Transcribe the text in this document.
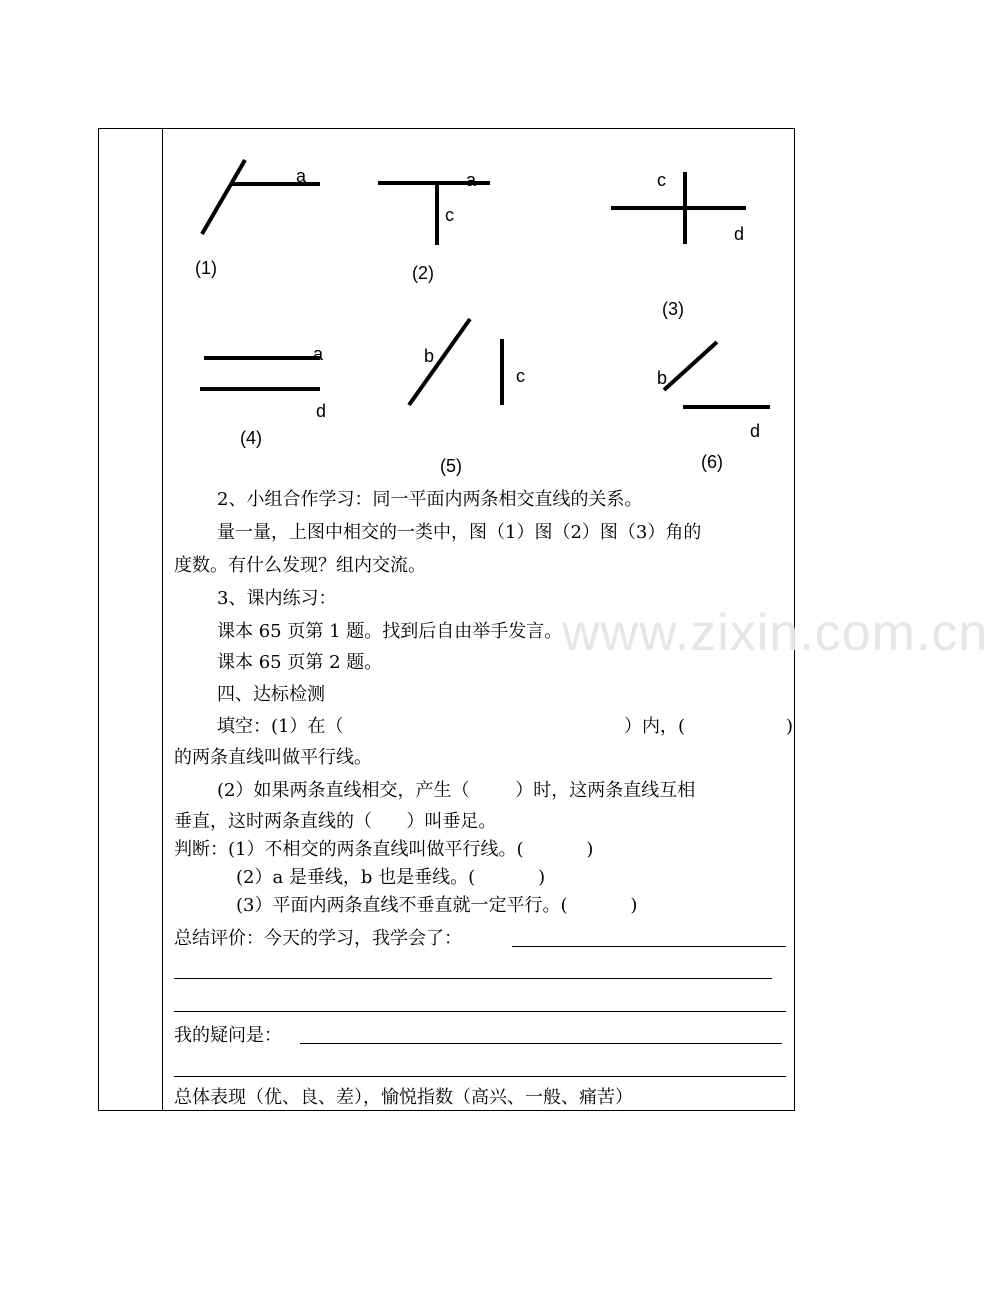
www.zixin.com.cn
a
(1)
a
c
(2)
c
d
(3)
a
d
(4)
b
c
(5)
b
d
(6)
2、小组合作学习：同一平面内两条相交直线的关系。
量一量，上图中相交的一类中，图（1）图（2）图（3）角的
度数。有什么发现？组内交流。
3、课内练习：
课本 65 页第 1 题。找到后自由举手发言。
课本 65 页第 2 题。
四、达标检测
填空：(1）在（	）内，(	)
的两条直线叫做平行线。
(2）如果两条直线相交，产生（        ）时，这两条直线互相
垂直，这时两条直线的（      ）叫垂足。
判断：(1）不相交的两条直线叫做平行线。(           )
(2）a 是垂线，b 也是垂线。(           )
(3）平面内两条直线不垂直就一定平行。(           )
总结评价：今天的学习，我学会了：
我的疑问是：
总体表现（优、良、差），愉悦指数（高兴、一般、痛苦）
